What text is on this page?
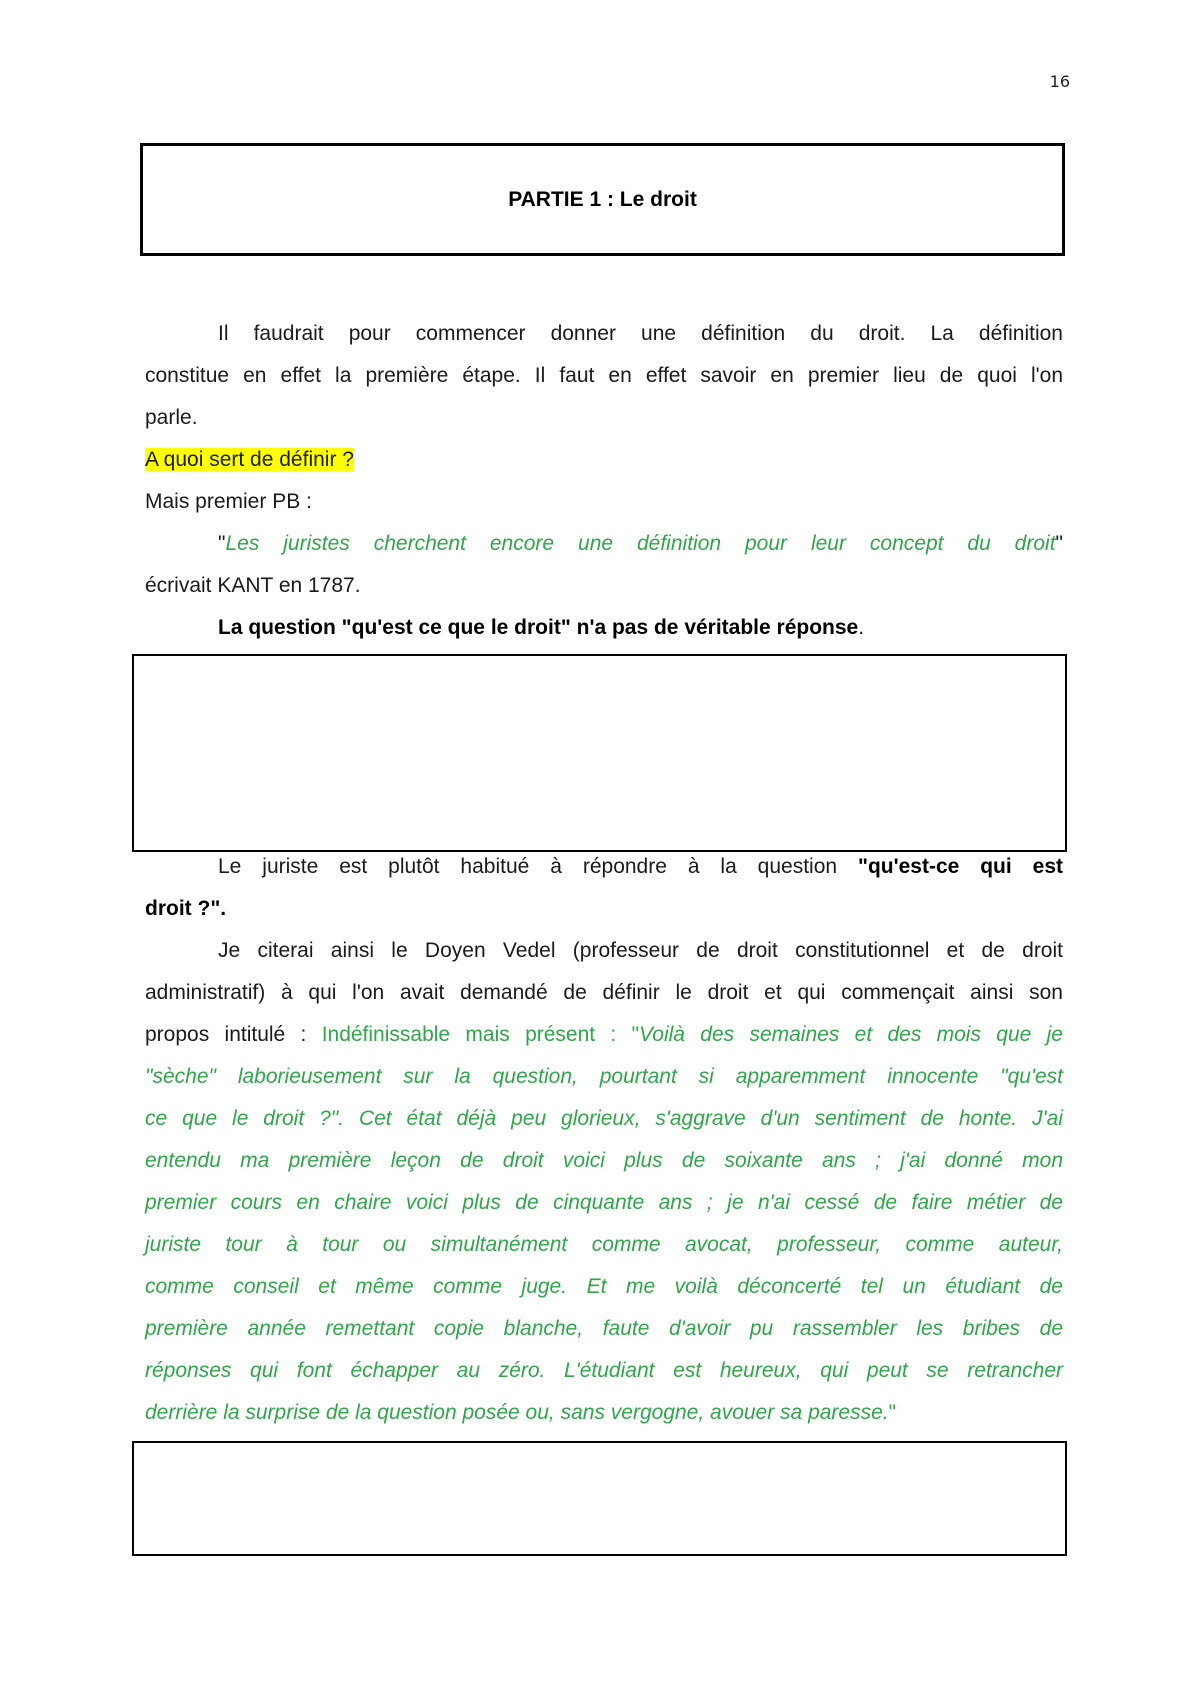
16
PARTIE 1 : Le droit
Il faudrait pour commencer donner une définition du droit. La définition
constitue en effet la première étape. Il faut en effet savoir en premier lieu de quoi l'on
parle.
A quoi sert de définir ?
Mais premier PB :
"Les juristes cherchent encore une définition pour leur concept du droit"
écrivait KANT en 1787.
La question "qu'est ce que le droit" n'a pas de véritable réponse.
Le juriste est plutôt habitué à répondre à la question "qu'est-ce qui est
droit ?".
Je citerai ainsi le Doyen Vedel (professeur de droit constitutionnel et de droit
administratif) à qui l'on avait demandé de définir le droit et qui commençait ainsi son
propos intitulé : Indéfinissable mais présent : "Voilà des semaines et des mois que je
"sèche" laborieusement sur la question, pourtant si apparemment innocente "qu'est
ce que le droit ?". Cet état déjà peu glorieux, s'aggrave d'un sentiment de honte. J'ai
entendu ma première leçon de droit voici plus de soixante ans ; j'ai donné mon
premier cours en chaire voici plus de cinquante ans ; je n'ai cessé de faire métier de
juriste tour à tour ou simultanément comme avocat, professeur, comme auteur,
comme conseil et même comme juge. Et me voilà déconcerté tel un étudiant de
première année remettant copie blanche, faute d'avoir pu rassembler les bribes de
réponses qui font échapper au zéro. L'étudiant est heureux, qui peut se retrancher
derrière la surprise de la question posée ou, sans vergogne, avouer sa paresse."
